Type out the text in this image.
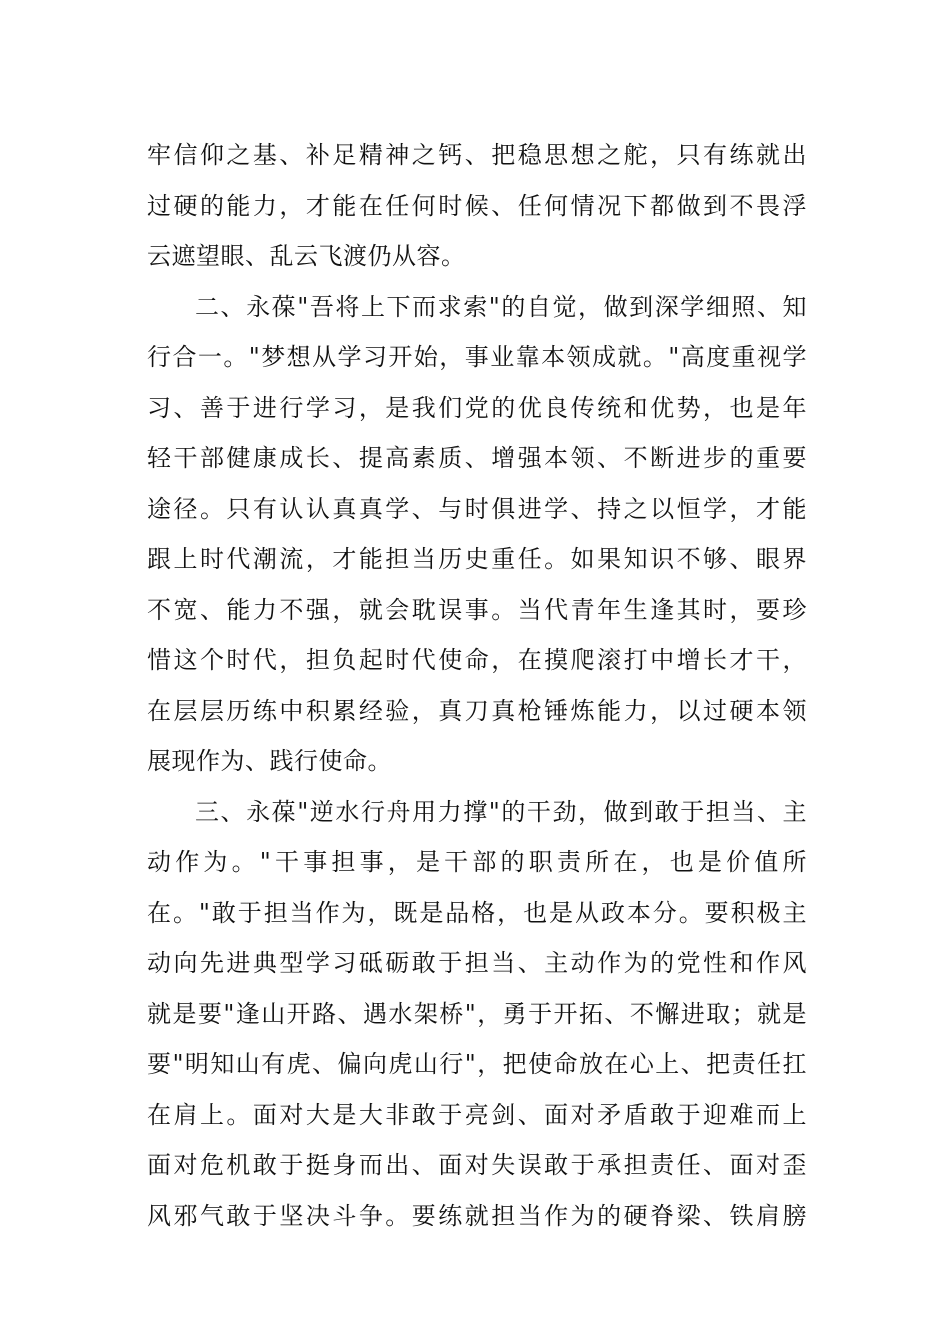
牢信仰之基、补足精神之钙、把稳思想之舵，只有练就出
过硬的能力，才能在任何时候、任何情况下都做到不畏浮
云遮望眼、乱云飞渡仍从容。
二、永葆"吾将上下而求索"的自觉，做到深学细照、知
行合一。"梦想从学习开始，事业靠本领成就。"高度重视学
习、善于进行学习，是我们党的优良传统和优势，也是年
轻干部健康成长、提高素质、增强本领、不断进步的重要
途径。只有认认真真学、与时俱进学、持之以恒学，才能
跟上时代潮流，才能担当历史重任。如果知识不够、眼界
不宽、能力不强，就会耽误事。当代青年生逢其时，要珍
惜这个时代，担负起时代使命，在摸爬滚打中增长才干，
在层层历练中积累经验，真刀真枪锤炼能力，以过硬本领
展现作为、践行使命。
三、永葆"逆水行舟用力撑"的干劲，做到敢于担当、主
动作为。"干事担事，是干部的职责所在，也是价值所
在。"敢于担当作为，既是品格，也是从政本分。要积极主
动向先进典型学习砥砺敢于担当、主动作为的党性和作风
就是要"逢山开路、遇水架桥"，勇于开拓、不懈进取；就是
要"明知山有虎、偏向虎山行"，把使命放在心上、把责任扛
在肩上。面对大是大非敢于亮剑、面对矛盾敢于迎难而上
面对危机敢于挺身而出、面对失误敢于承担责任、面对歪
风邪气敢于坚决斗争。要练就担当作为的硬脊梁、铁肩膀
